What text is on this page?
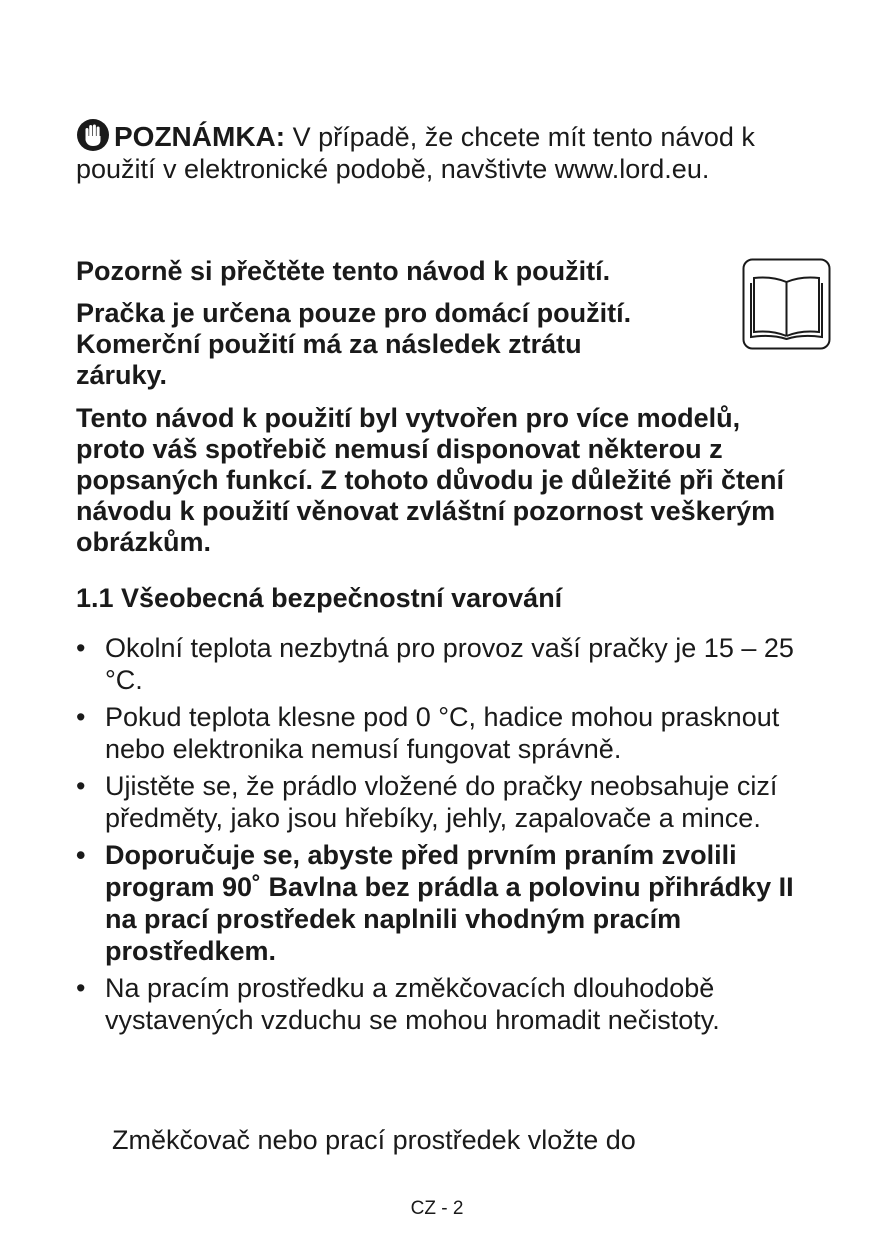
POZNÁMKA: V případě, že chcete mít tento návod k použití v elektronické podobě, navštivte www.lord.eu.
Pozorně si přečtěte tento návod k použití.
Pračka je určena pouze pro domácí použití.
Komerční použití má za následek ztrátu
záruky.
Tento návod k použití byl vytvořen pro více modelů, proto váš spotřebič nemusí disponovat některou z popsaných funkcí. Z tohoto důvodu je důležité při čtení návodu k použití věnovat zvláštní pozornost veškerým obrázkům.
1.1 Všeobecná bezpečnostní varování
• Okolní teplota nezbytná pro provoz vaší pračky je 15 – 25 °C.
• Pokud teplota klesne pod 0 °C, hadice mohou prasknout nebo elektronika nemusí fungovat správně.
• Ujistěte se, že prádlo vložené do pračky neobsahuje cizí předměty, jako jsou hřebíky, jehly, zapalovače a mince.
• Doporučuje se, abyste před prvním praním zvolili program 90˚ Bavlna bez prádla a polovinu přihrádky II na prací prostředek naplnili vhodným pracím prostředkem.
• Na pracím prostředku a změkčovacích dlouhodobě vystavených vzduchu se mohou hromadit nečistoty.
Změkčovač nebo prací prostředek vložte do
CZ - 2
